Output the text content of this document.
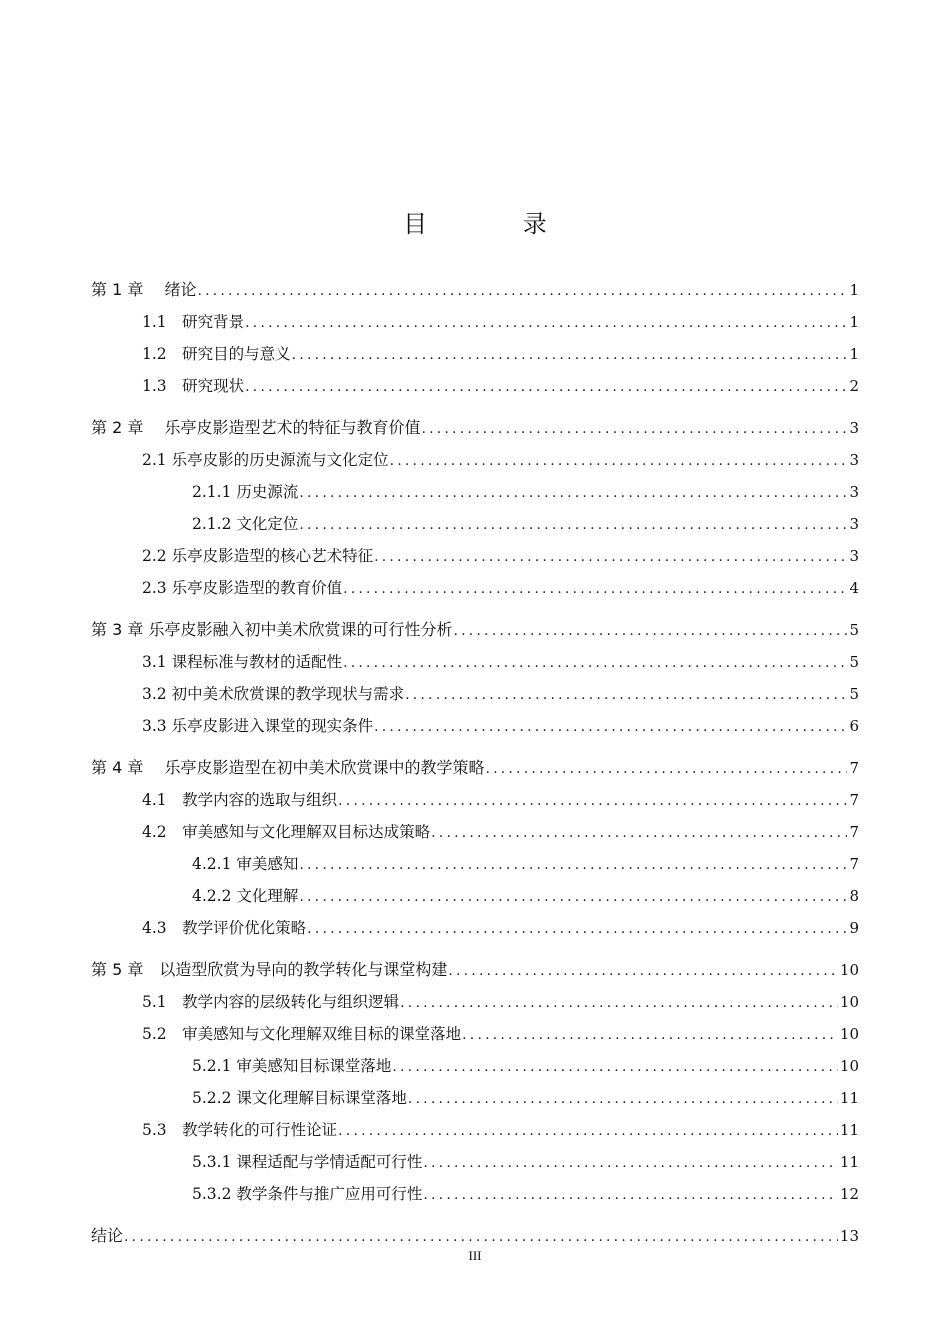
目 录
第 1 章　 绪论 .....	1
1.1　研究背景 .....	1
1.2　研究目的与意义 .....	1
1.3　研究现状 .....	2
第 2 章　 乐亭皮影造型艺术的特征与教育价值 .....	3
2.1 乐亭皮影的历史源流与文化定位 .....	3
2.1.1 历史源流 .....	3
2.1.2 文化定位 .....	3
2.2 乐亭皮影造型的核心艺术特征 .....	3
2.3 乐亭皮影造型的教育价值 .....	4
第 3 章 乐亭皮影融入初中美术欣赏课的可行性分析 .....	5
3.1 课程标准与教材的适配性 .....	5
3.2 初中美术欣赏课的教学现状与需求 .....	5
3.3 乐亭皮影进入课堂的现实条件 .....	6
第 4 章　 乐亭皮影造型在初中美术欣赏课中的教学策略 .....	7
4.1　教学内容的选取与组织 .....	7
4.2　审美感知与文化理解双目标达成策略 .....	7
4.2.1 审美感知 .....	7
4.2.2 文化理解 .....	8
4.3　教学评价优化策略 .....	9
第 5 章　以造型欣赏为导向的教学转化与课堂构建 .....	10
5.1　教学内容的层级转化与组织逻辑 .....	10
5.2　审美感知与文化理解双维目标的课堂落地 .....	10
5.2.1 审美感知目标课堂落地 .....	10
5.2.2 课文化理解目标课堂落地 .....	11
5.3　教学转化的可行性论证 .....	11
5.3.1 课程适配与学情适配可行性 .....	11
5.3.2 教学条件与推广应用可行性 .....	12
结论 .....	13
III
